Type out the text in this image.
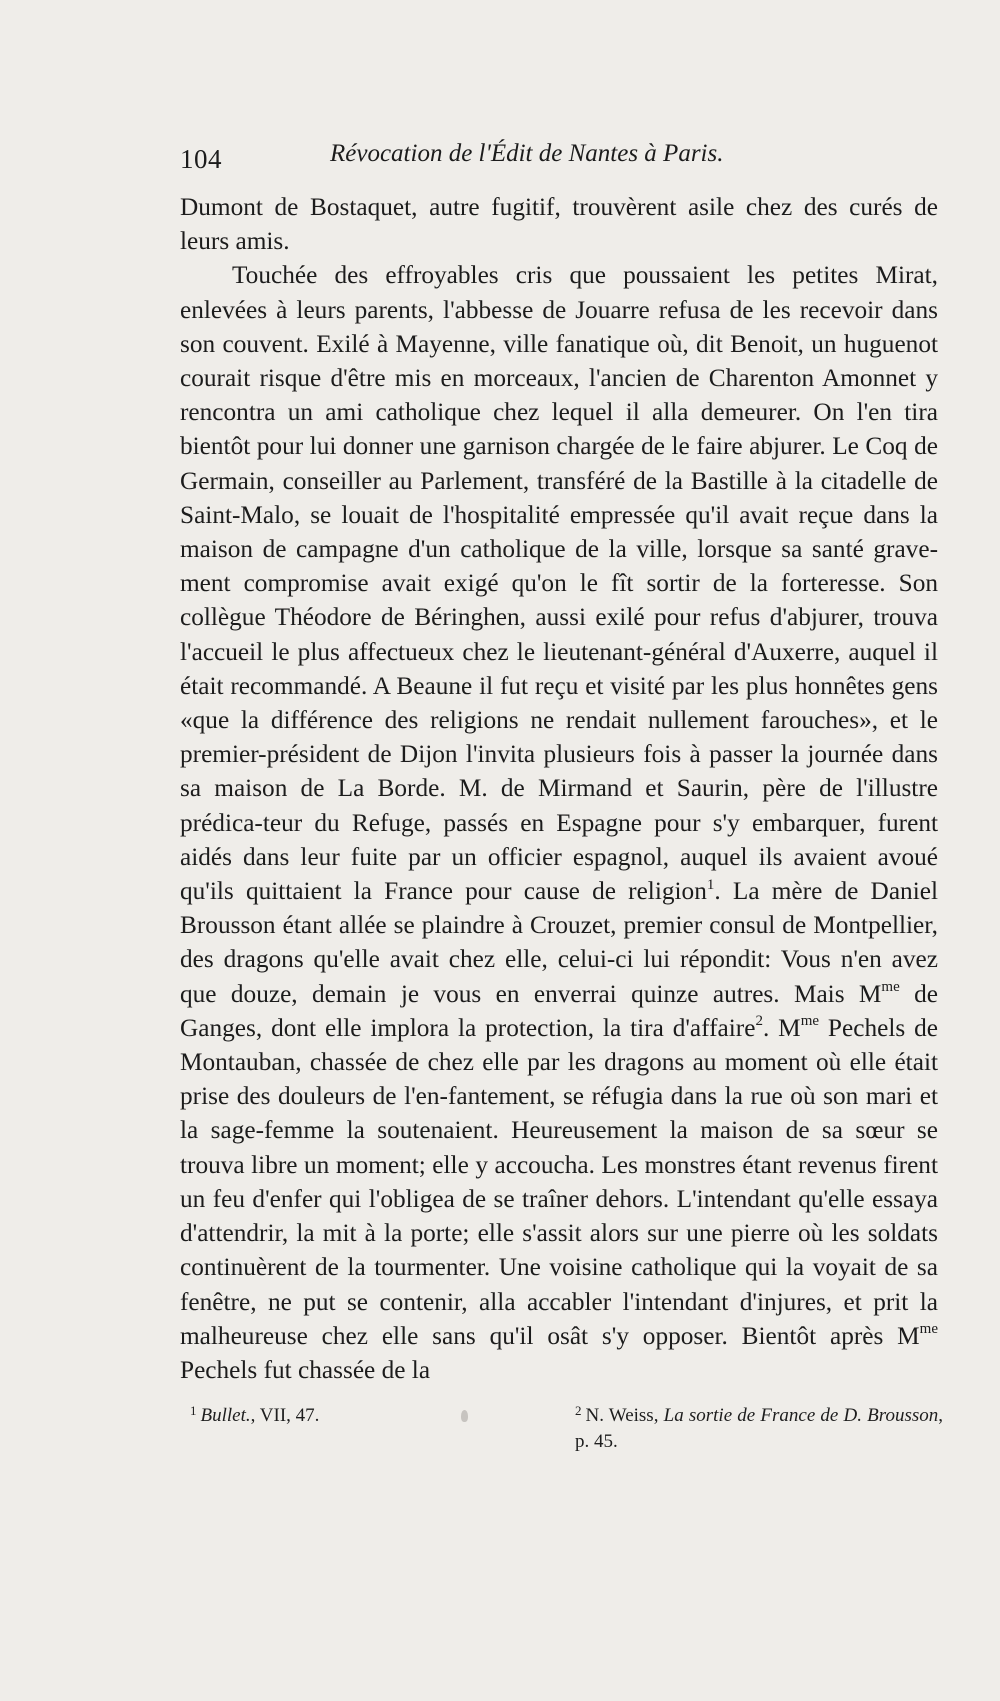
104	Révocation de l'Édit de Nantes à Paris.

Dumont de Bostaquet, autre fugitif, trouvèrent asile chez des curés de leurs amis.

Touchée des effroyables cris que poussaient les petites Mirat, enlevées à leurs parents, l'abbesse de Jouarre refusa de les recevoir dans son couvent. Exilé à Mayenne, ville fanatique où, dit Benoit, un huguenot courait risque d'être mis en morceaux, l'ancien de Charenton Amonnet y rencontra un ami catholique chez lequel il alla demeurer. On l'en tira bientôt pour lui donner une garnison chargée de le faire abjurer. Le Coq de Germain, conseiller au Parlement, transféré de la Bastille à la citadelle de Saint-Malo, se louait de l'hospitalité empressée qu'il avait reçue dans la maison de campagne d'un catholique de la ville, lorsque sa santé grave-ment compromise avait exigé qu'on le fît sortir de la forteresse. Son collègue Théodore de Béringhen, aussi exilé pour refus d'abjurer, trouva l'accueil le plus affectueux chez le lieutenant-général d'Auxerre, auquel il était recommandé. A Beaune il fut reçu et visité par les plus honnêtes gens «que la différence des religions ne rendait nullement farouches», et le premier-président de Dijon l'invita plusieurs fois à passer la journée dans sa maison de La Borde. M. de Mirmand et Saurin, père de l'illustre prédica-teur du Refuge, passés en Espagne pour s'y embarquer, furent aidés dans leur fuite par un officier espagnol, auquel ils avaient avoué qu'ils quittaient la France pour cause de religion$^1$. La mère de Daniel Brousson étant allée se plaindre à Crouzet, premier consul de Montpellier, des dragons qu'elle avait chez elle, celui-ci lui répondit: Vous n'en avez que douze, demain je vous en enverrai quinze autres. Mais $M^{me}$ de Ganges, dont elle implora la protection, la tira d'affaire$^2$. $M^{me}$ Pechels de Montauban, chassée de chez elle par les dragons au moment où elle était prise des douleurs de l'en-fantement, se réfugia dans la rue où son mari et la sage-femme la soutenaient. Heureusement la maison de sa sœur se trouva libre un moment; elle y accoucha. Les monstres étant revenus firent un feu d'enfer qui l'obligea de se traîner dehors. L'intendant qu'elle essaya d'attendrir, la mit à la porte; elle s'assit alors sur une pierre où les soldats continuèrent de la tourmenter. Une voisine catholique qui la voyait de sa fenêtre, ne put se contenir, alla accabler l'intendant d'injures, et prit la malheureuse chez elle sans qu'il osât s'y opposer. Bientôt après $M^{me}$ Pechels fut chassée de la

$^1$ Bullet., VII, 47.	$^2$ N. Weiss, La sortie de France de D. Brousson, p. 45.
